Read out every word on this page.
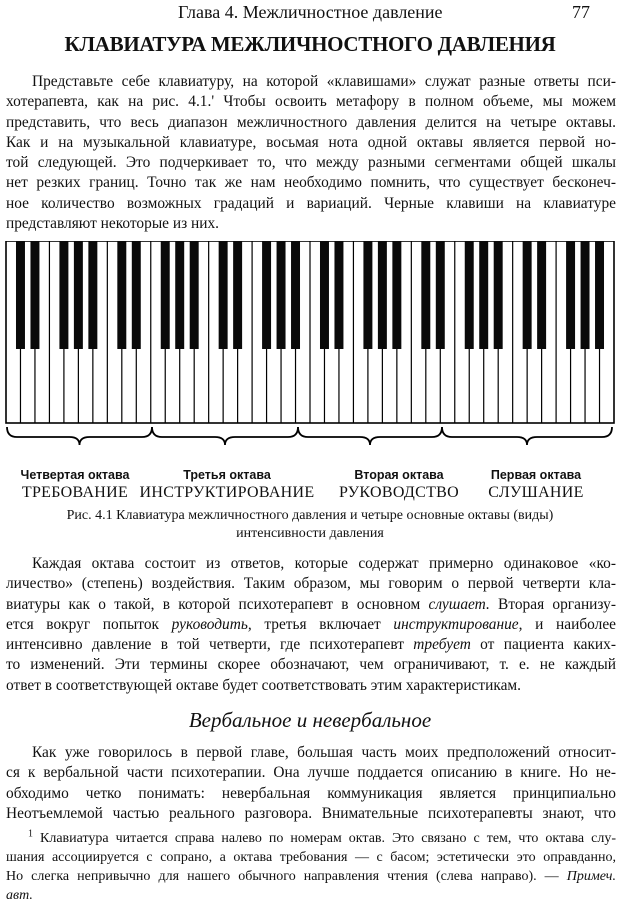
Глава 4. Межличностное давление	77
КЛАВИАТУРА МЕЖЛИЧНОСТНОГО ДАВЛЕНИЯ

Представьте себе клавиатуру, на которой «клавишами» служат разные ответы пси-
хотерапевта, как на рис. 4.1.' Чтобы освоить метафору в полном объеме, мы можем
представить, что весь диапазон межличностного давления делится на четыре октавы.
Как и на музыкальной клавиатуре, восьмая нота одной октавы является первой но-
той следующей. Это подчеркивает то, что между разными сегментами общей шкалы
нет резких границ. Точно так же нам необходимо помнить, что существует бесконеч-
ное количество возможных градаций и вариаций. Черные клавиши на клавиатуре
представляют некоторые из них.

Четвертая октава
ТРЕБОВАНИЕ
Третья октава
ИНСТРУКТИРОВАНИЕ
Вторая октава
РУКОВОДСТВО
Первая октава
СЛУШАНИЕ
Рис. 4.1 Клавиатура межличностного давления и четыре основные октавы (виды)
интенсивности давления

Каждая октава состоит из ответов, которые содержат примерно одинаковое «ко-
личество» (степень) воздействия. Таким образом, мы говорим о первой четверти кла-
виатуры как о такой, в которой психотерапевт в основном слушает. Вторая организу-
ется вокруг попыток руководить, третья включает инструктирование, и наиболее
интенсивно давление в той четверти, где психотерапевт требует от пациента каких-
то изменений. Эти термины скорее обозначают, чем ограничивают, т. е. не каждый
ответ в соответствующей октаве будет соответствовать этим характеристикам.

Вербальное и невербальное

Как уже говорилось в первой главе, большая часть моих предположений относит-
ся к вербальной части психотерапии. Она лучше поддается описанию в книге. Но не-
обходимо четко понимать: невербальная коммуникация является принципиально
Неотъемлемой частью реального разговора. Внимательные психотерапевты знают, что

$^1$ Клавиатура читается справа налево по номерам октав. Это связано с тем, что октава слу-
шания ассоциируется с сопрано, а октава требования — с басом; эстетически это оправданно,
Но слегка непривычно для нашего обычного направления чтения (слева направо). — Примеч.
авт.
